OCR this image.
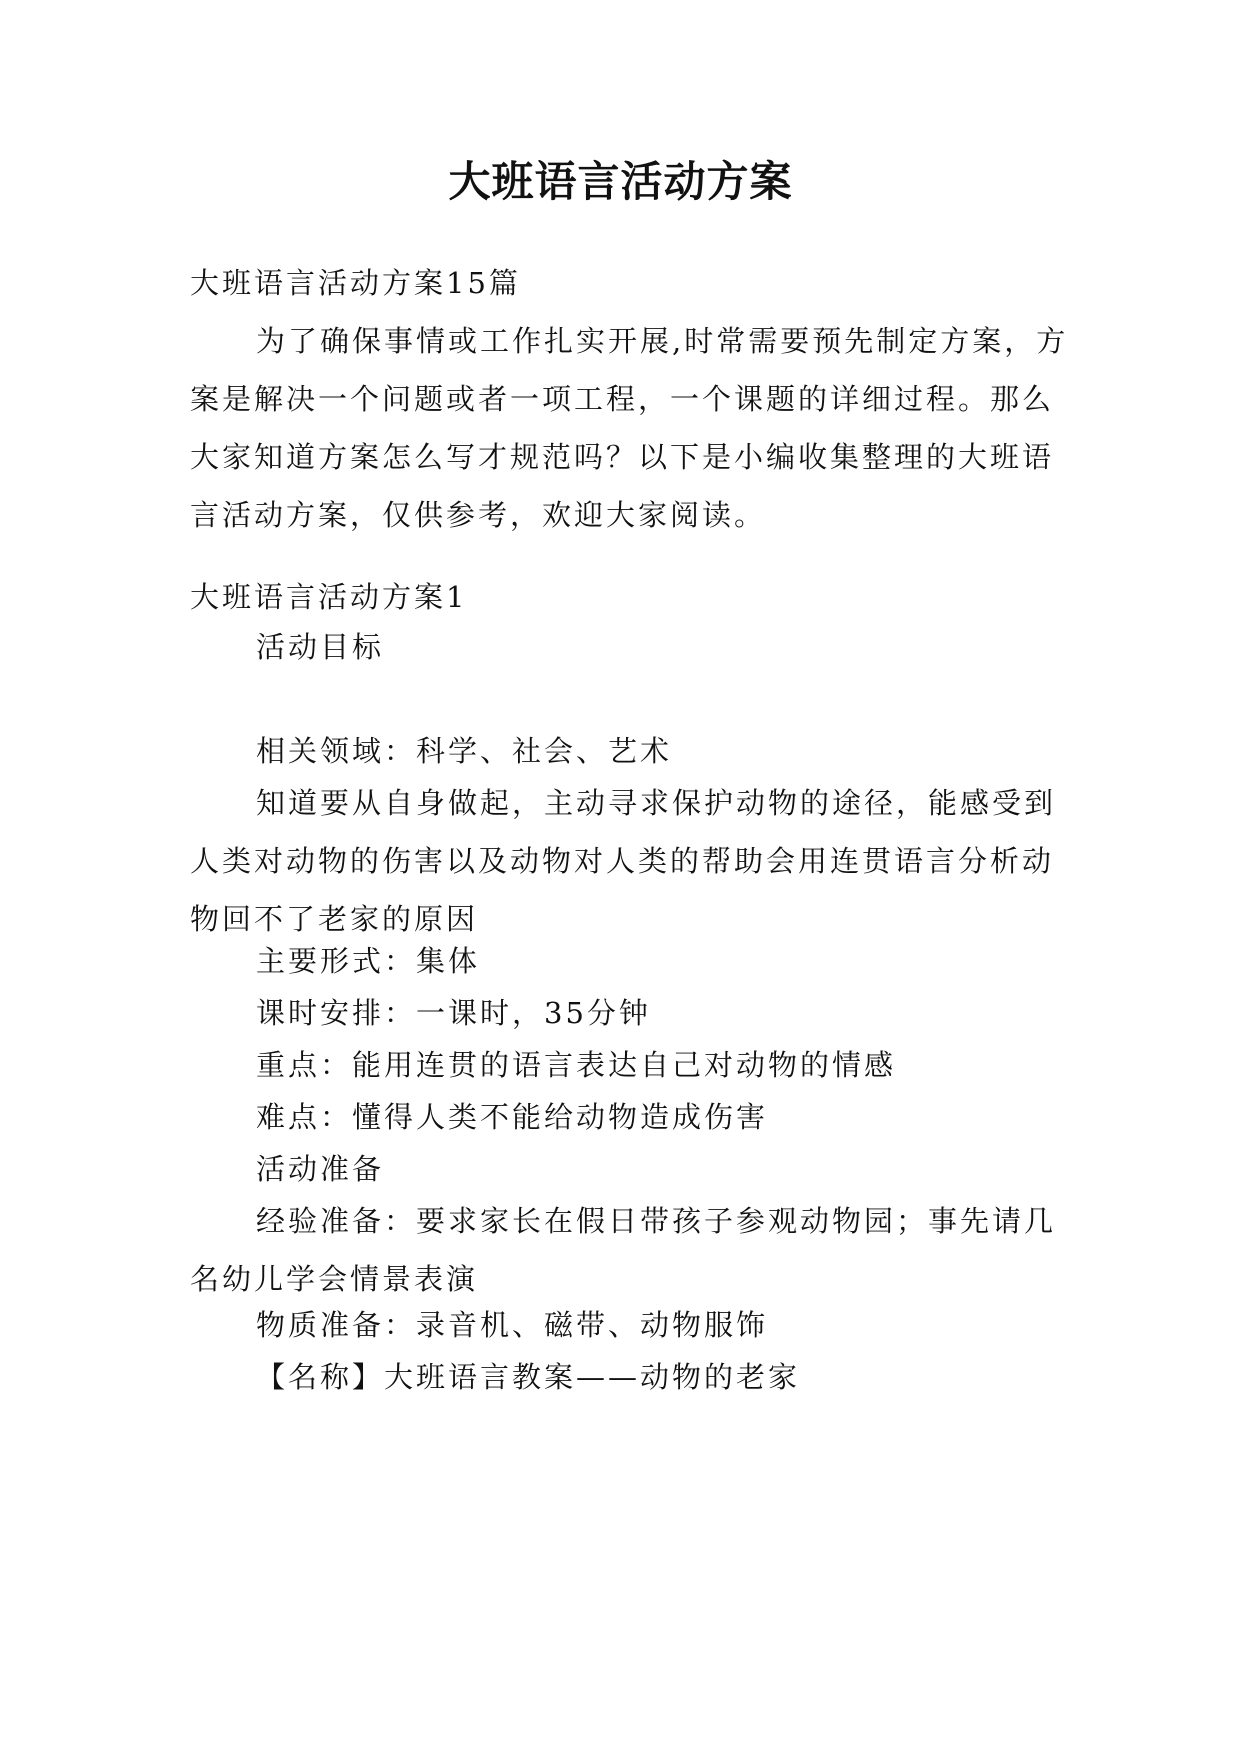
大班语言活动方案
大班语言活动方案15篇
为了确保事情或工作扎实开展,时常需要预先制定方案，方案是解决一个问题或者一项工程，一个课题的详细过程。那么大家知道方案怎么写才规范吗？以下是小编收集整理的大班语言活动方案，仅供参考，欢迎大家阅读。
大班语言活动方案1
活动目标
相关领域：科学、社会、艺术
知道要从自身做起，主动寻求保护动物的途径，能感受到人类对动物的伤害以及动物对人类的帮助会用连贯语言分析动物回不了老家的原因
主要形式：集体
课时安排：一课时，35分钟
重点：能用连贯的语言表达自己对动物的情感
难点：懂得人类不能给动物造成伤害
活动准备
经验准备：要求家长在假日带孩子参观动物园；事先请几名幼儿学会情景表演
物质准备：录音机、磁带、动物服饰
【名称】大班语言教案——动物的老家
